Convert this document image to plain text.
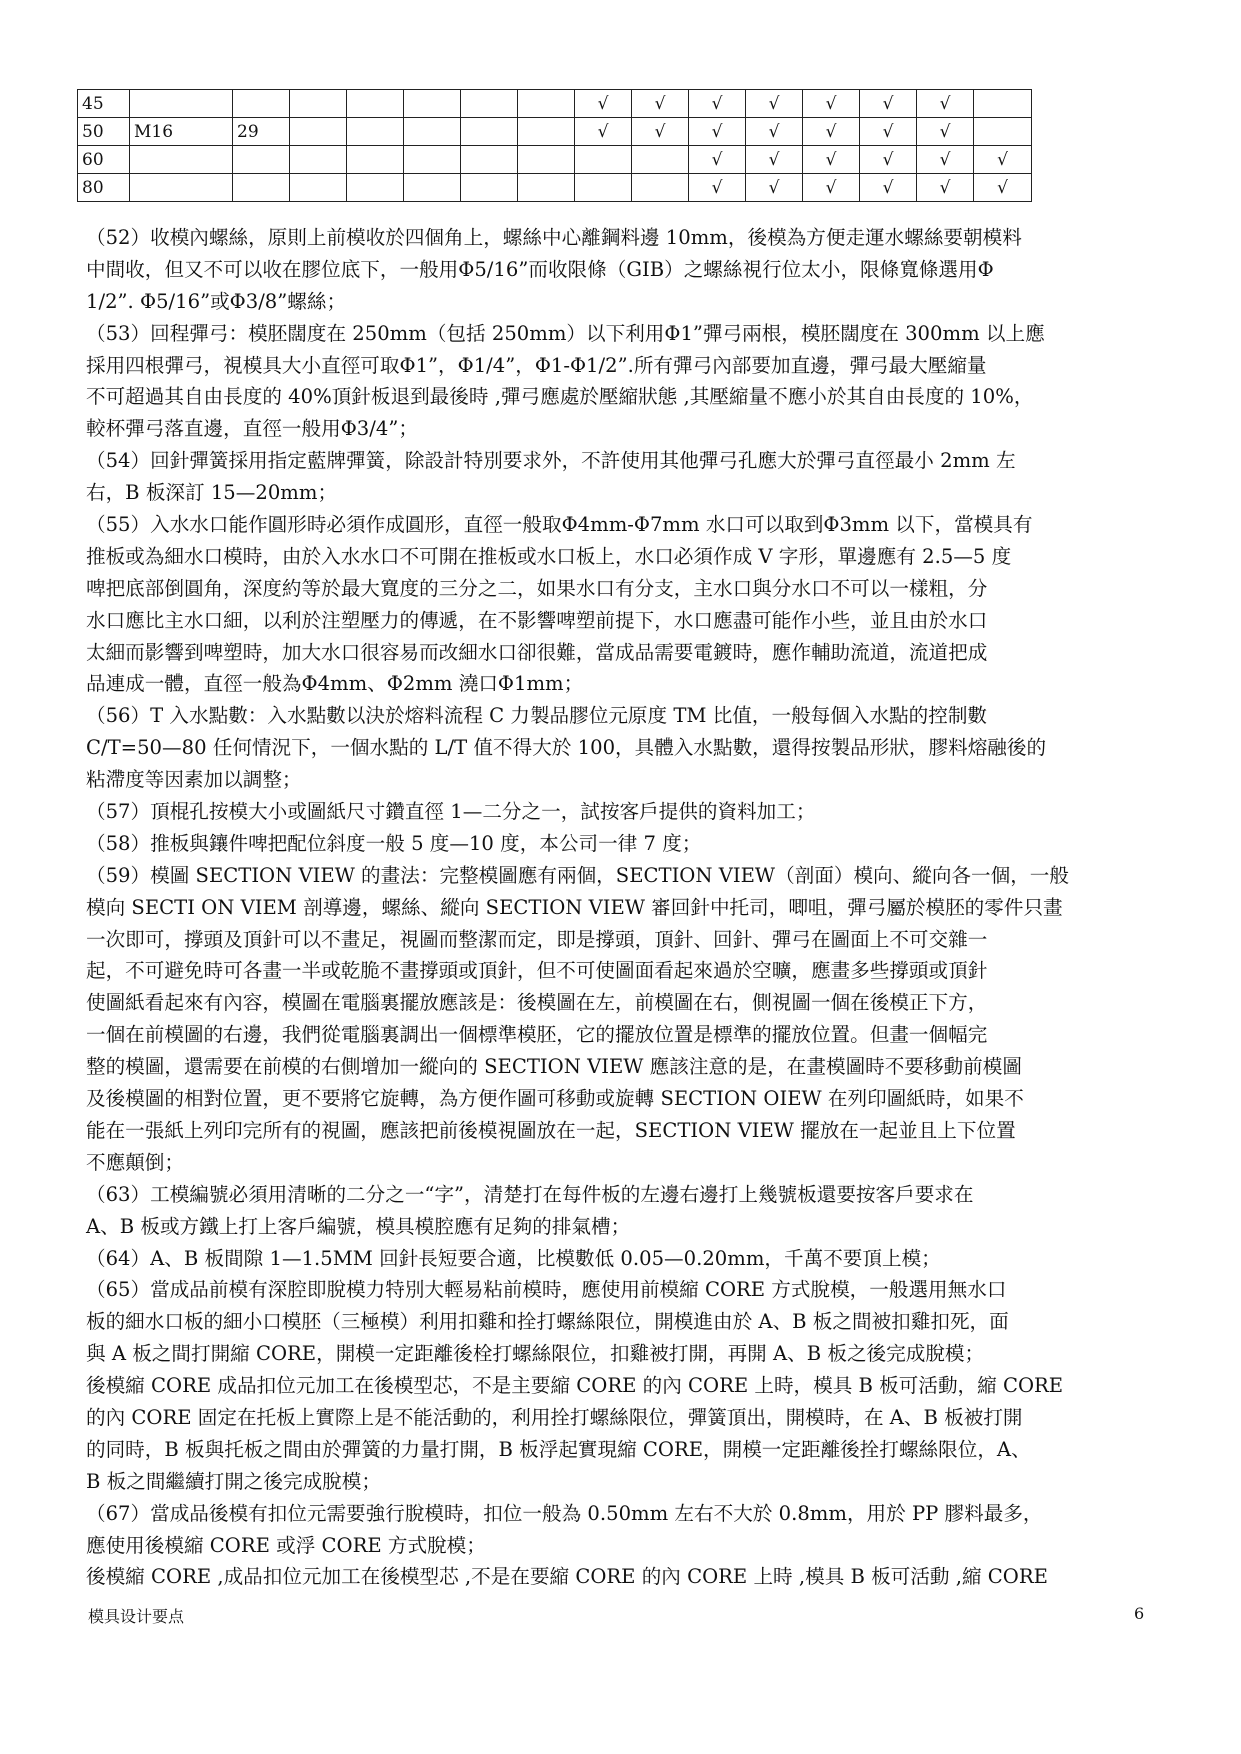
45								√	√	√	√	√	√	√	
50	M16	29						√	√	√	√	√	√	√	
60										√	√	√	√	√	√
80										√	√	√	√	√	√
（52）收模內螺絲，原則上前模收於四個角上，螺絲中心離鋼料邊 10mm，後模為方便走運水螺絲要朝模料
中間收，但又不可以收在膠位底下，一般用Φ5/16”而收限條（GIB）之螺絲視行位太小，限條寬條選用Φ
1/2”. Φ5/16”或Φ3/8”螺絲；
（53）回程彈弓：模胚闊度在 250mm（包括 250mm）以下利用Φ1”彈弓兩根，模胚闊度在 300mm 以上應
採用四根彈弓，視模具大小直徑可取Φ1”，Φ1/4”，Φ1-Φ1/2”.所有彈弓內部要加直邊，彈弓最大壓縮量
不可超過其自由長度的 40%頂針板退到最後時 ,彈弓應處於壓縮狀態 ,其壓縮量不應小於其自由長度的 10%，
較杯彈弓落直邊，直徑一般用Φ3/4”；
（54）回針彈簧採用指定藍牌彈簧，除設計特別要求外，不許使用其他彈弓孔應大於彈弓直徑最小 2mm 左
右，B 板深訂 15—20mm；
（55）入水水口能作圓形時必須作成圓形，直徑一般取Φ4mm-Φ7mm 水口可以取到Φ3mm 以下，當模具有
推板或為細水口模時，由於入水水口不可開在推板或水口板上，水口必須作成 V 字形，單邊應有 2.5—5 度
啤把底部倒圓角，深度約等於最大寬度的三分之二，如果水口有分支，主水口與分水口不可以一樣粗，分
水口應比主水口細，以利於注塑壓力的傳遞，在不影響啤塑前提下，水口應盡可能作小些，並且由於水口
太細而影響到啤塑時，加大水口很容易而改細水口卻很難，當成品需要電鍍時，應作輔助流道，流道把成
品連成一體，直徑一般為Φ4mm、Φ2mm 澆口Φ1mm；
（56）T 入水點數：入水點數以決於熔料流程 C 力製品膠位元原度 TM 比值，一般每個入水點的控制數
C/T=50—80 任何情況下，一個水點的 L/T 值不得大於 100，具體入水點數，還得按製品形狀，膠料熔融後的
粘滯度等因素加以調整；
（57）頂棍孔按模大小或圖紙尺寸鑽直徑 1—二分之一，試按客戶提供的資料加工；
（58）推板與鑲件啤把配位斜度一般 5 度—10 度，本公司一律 7 度；
（59）模圖 SECTION VIEW 的畫法：完整模圖應有兩個，SECTION VIEW（剖面）模向、縱向各一個，一般
模向 SECTI ON VIEM 剖導邊，螺絲、縱向 SECTION VIEW 審回針中托司，唧咀，彈弓屬於模胚的零件只畫
一次即可，撐頭及頂針可以不畫足，視圖而整潔而定，即是撐頭，頂針、回針、彈弓在圖面上不可交雜一
起，不可避免時可各畫一半或乾脆不畫撐頭或頂針，但不可使圖面看起來過於空曠，應畫多些撐頭或頂針
使圖紙看起來有內容，模圖在電腦裏擺放應該是：後模圖在左，前模圖在右，側視圖一個在後模正下方，
一個在前模圖的右邊，我們從電腦裏調出一個標準模胚，它的擺放位置是標準的擺放位置。但畫一個幅完
整的模圖，還需要在前模的右側增加一縱向的 SECTION VIEW 應該注意的是，在畫模圖時不要移動前模圖
及後模圖的相對位置，更不要將它旋轉，為方便作圖可移動或旋轉 SECTION OIEW 在列印圖紙時，如果不
能在一張紙上列印完所有的視圖，應該把前後模視圖放在一起，SECTION VIEW 擺放在一起並且上下位置
不應顛倒；
（63）工模編號必須用清晰的二分之一“字”，清楚打在每件板的左邊右邊打上幾號板還要按客戶要求在
A、B 板或方鐵上打上客戶編號，模具模腔應有足夠的排氣槽；
（64）A、B 板間隙 1—1.5MM 回針長短要合適，比模數低 0.05—0.20mm，千萬不要頂上模；
（65）當成品前模有深腔即脫模力特別大輕易粘前模時，應使用前模縮 CORE 方式脫模，一般選用無水口
板的細水口板的細小口模胚（三極模）利用扣雞和拴打螺絲限位，開模進由於 A、B 板之間被扣雞扣死，面
與 A 板之間打開縮 CORE，開模一定距離後栓打螺絲限位，扣雞被打開，再開 A、B 板之後完成脫模；
後模縮 CORE 成品扣位元加工在後模型芯，不是主要縮 CORE 的內 CORE 上時，模具 B 板可活動，縮 CORE
的內 CORE 固定在托板上實際上是不能活動的，利用拴打螺絲限位，彈簧頂出，開模時，在 A、B 板被打開
的同時，B 板與托板之間由於彈簧的力量打開，B 板浮起實現縮 CORE，開模一定距離後拴打螺絲限位，A、
B 板之間繼續打開之後完成脫模；
（67）當成品後模有扣位元需要強行脫模時，扣位一般為 0.50mm 左右不大於 0.8mm，用於 PP 膠料最多，
應使用後模縮 CORE 或浮 CORE 方式脫模；
後模縮 CORE ,成品扣位元加工在後模型芯 ,不是在要縮 CORE 的內 CORE 上時 ,模具 B 板可活動 ,縮 CORE
模具设计要点	6
